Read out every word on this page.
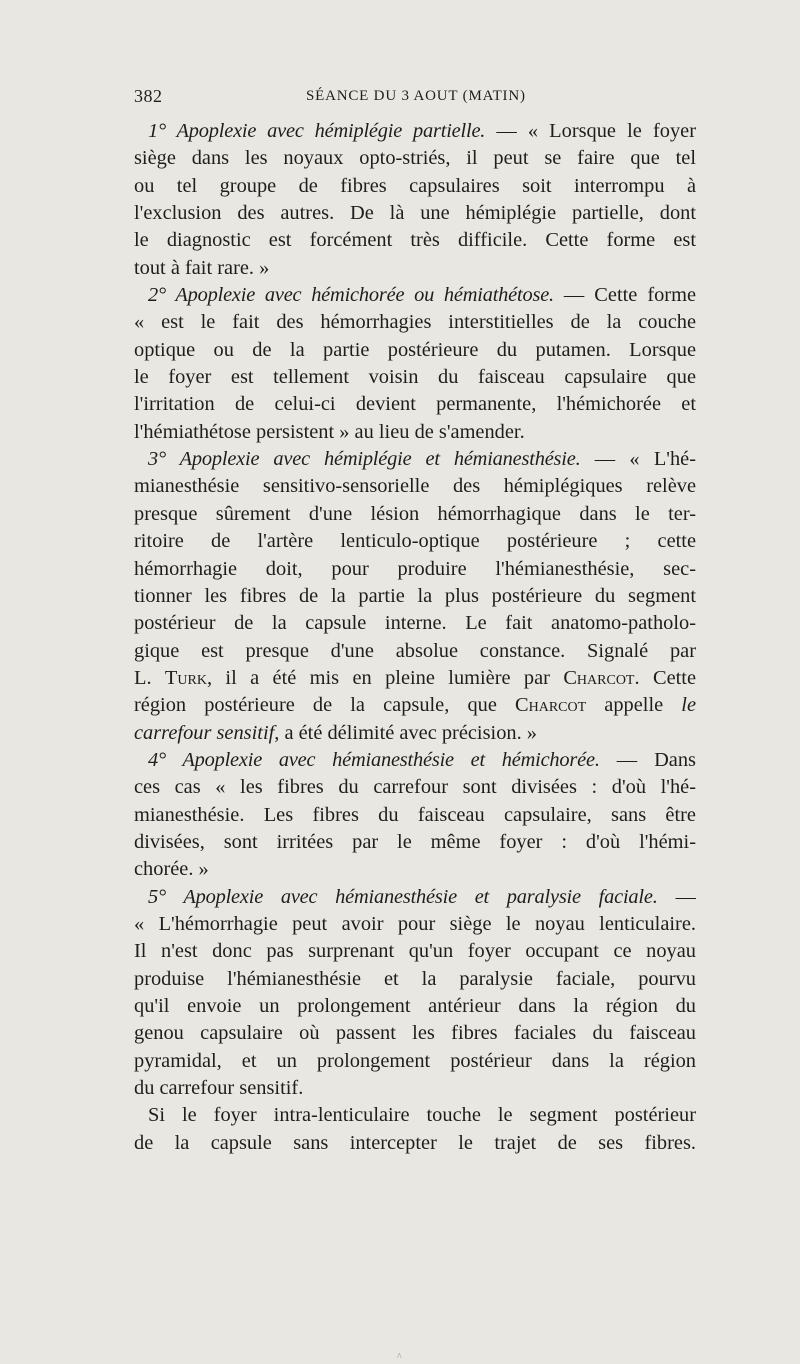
382	SÉANCE DU 3 AOUT (MATIN)

1° Apoplexie avec hémiplégie partielle. — « Lorsque le foyer
siège dans les noyaux opto-striés, il peut se faire que tel
ou tel groupe de fibres capsulaires soit interrompu à
l'exclusion des autres. De là une hémiplégie partielle, dont
le diagnostic est forcément très difficile. Cette forme est
tout à fait rare. »

2° Apoplexie avec hémichorée ou hémiathétose. — Cette forme
« est le fait des hémorrhagies interstitielles de la couche
optique ou de la partie postérieure du putamen. Lorsque
le foyer est tellement voisin du faisceau capsulaire que
l'irritation de celui-ci devient permanente, l'hémichorée et
l'hémiathétose persistent » au lieu de s'amender.

3° Apoplexie avec hémiplégie et hémianesthésie. — « L'hé-
mianesthésie sensitivo-sensorielle des hémiplégiques relève
presque sûrement d'une lésion hémorrhagique dans le ter-
ritoire de l'artère lenticulo-optique postérieure ; cette
hémorrhagie doit, pour produire l'hémianesthésie, sec-
tionner les fibres de la partie la plus postérieure du segment
postérieur de la capsule interne. Le fait anatomo-patholo-
gique est presque d'une absolue constance. Signalé par
L. Turk, il a été mis en pleine lumière par Charcot. Cette
région postérieure de la capsule, que Charcot appelle le
carrefour sensitif, a été délimité avec précision. »

4° Apoplexie avec hémianesthésie et hémichorée. — Dans
ces cas « les fibres du carrefour sont divisées : d'où l'hé-
mianesthésie. Les fibres du faisceau capsulaire, sans être
divisées, sont irritées par le même foyer : d'où l'hémi-
chorée. »

5° Apoplexie avec hémianesthésie et paralysie faciale. —
« L'hémorrhagie peut avoir pour siège le noyau lenticulaire.
Il n'est donc pas surprenant qu'un foyer occupant ce noyau
produise l'hémianesthésie et la paralysie faciale, pourvu
qu'il envoie un prolongement antérieur dans la région du
genou capsulaire où passent les fibres faciales du faisceau
pyramidal, et un prolongement postérieur dans la région
du carrefour sensitif.

Si le foyer intra-lenticulaire touche le segment postérieur
de la capsule sans intercepter le trajet de ses fibres.

^
